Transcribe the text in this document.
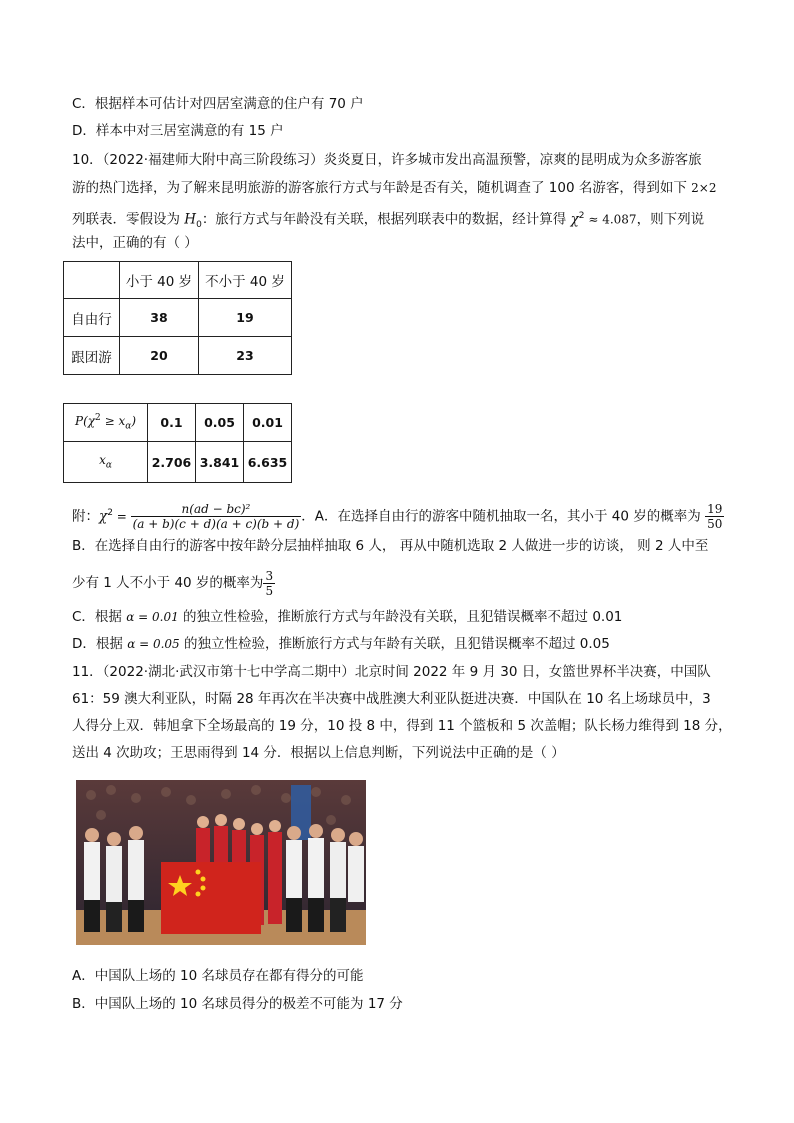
C．根据样本可估计对四居室满意的住户有 70 户
D．样本中对三居室满意的有 15 户
10．（2022·福建师大附中高三阶段练习）炎炎夏日，许多城市发出高温预警，凉爽的昆明成为众多游客旅
游的热门选择，为了解来昆明旅游的游客旅行方式与年龄是否有关，随机调查了 100 名游客，得到如下 2×2
列联表．零假设为 $H_0$：旅行方式与年龄没有关联，根据列联表中的数据，经计算得 $\chi^2 \approx 4.087$，则下列说
法中，正确的有（ ）
	小于 40 岁	不小于 40 岁
自由行	38	19
跟团游	20	23
$P(\chi^2 \ge x_\alpha)$	0.1	0.05	0.01
$x_\alpha$	2.706	3.841	6.635
附：$\chi^2 = \frac{\text{n(ad − bc)²}}{(a + b)(c + d)(a + c)(b + d)}$ ．A．在选择自由行的游客中随机抽取一名，其小于 40 岁的概率为 $\frac{19}{50}$
B．在选择自由行的游客中按年龄分层抽样抽取 6 人， 再从中随机选取 2 人做进一步的访谈， 则 2 人中至
少有 1 人不小于 40 岁的概率为 $\frac{3}{5}$
C．根据 α = 0.01 的独立性检验，推断旅行方式与年龄没有关联，且犯错误概率不超过 0.01
D．根据 α = 0.05 的独立性检验，推断旅行方式与年龄有关联，且犯错误概率不超过 0.05
11．（2022·湖北·武汉市第十七中学高二期中）北京时间 2022 年 9 月 30 日，女篮世界杯半决赛，中国队
61：59 澳大利亚队，时隔 28 年再次在半决赛中战胜澳大利亚队挺进决赛．中国队在 10 名上场球员中，3
人得分上双．韩旭拿下全场最高的 19 分，10 投 8 中，得到 11 个篮板和 5 次盖帽；队长杨力维得到 18 分，
送出 4 次助攻；王思雨得到 14 分．根据以上信息判断，下列说法中正确的是（ ）
A．中国队上场的 10 名球员存在都有得分的可能
B．中国队上场的 10 名球员得分的极差不可能为 17 分
